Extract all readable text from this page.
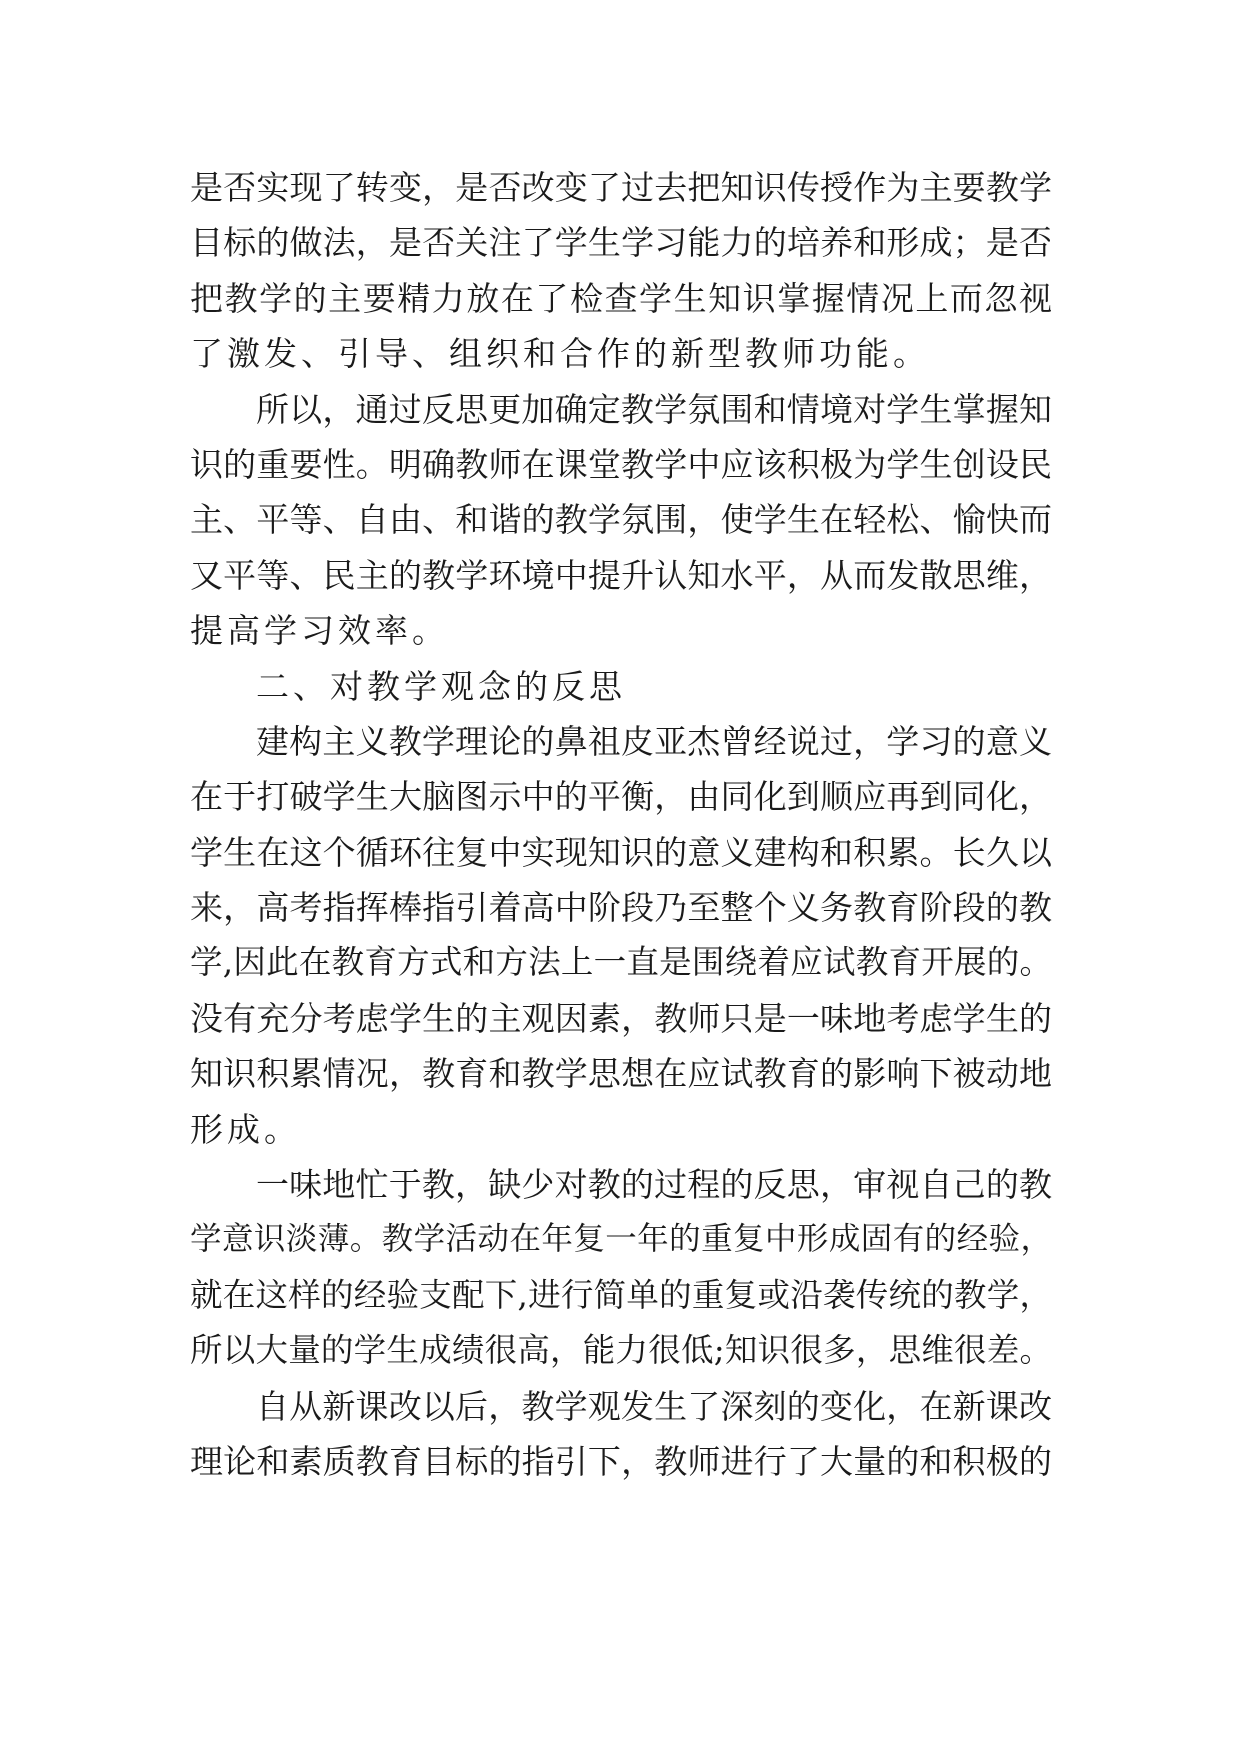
是否实现了转变，是否改变了过去把知识传授作为主要教学
目标的做法，是否关注了学生学习能力的培养和形成；是否
把教学的主要精力放在了检查学生知识掌握情况上而忽视
了激发、引导、组织和合作的新型教师功能。
所以，通过反思更加确定教学氛围和情境对学生掌握知
识的重要性。明确教师在课堂教学中应该积极为学生创设民
主、平等、自由、和谐的教学氛围，使学生在轻松、愉快而
又平等、民主的教学环境中提升认知水平，从而发散思维，
提高学习效率。
二、对教学观念的反思
建构主义教学理论的鼻祖皮亚杰曾经说过，学习的意义
在于打破学生大脑图示中的平衡，由同化到顺应再到同化，
学生在这个循环往复中实现知识的意义建构和积累。长久以
来，高考指挥棒指引着高中阶段乃至整个义务教育阶段的教
学,因此在教育方式和方法上一直是围绕着应试教育开展的。
没有充分考虑学生的主观因素，教师只是一味地考虑学生的
知识积累情况，教育和教学思想在应试教育的影响下被动地
形成。
一味地忙于教，缺少对教的过程的反思，审视自己的教
学意识淡薄。教学活动在年复一年的重复中形成固有的经验，
就在这样的经验支配下,进行简单的重复或沿袭传统的教学，
所以大量的学生成绩很高，能力很低;知识很多，思维很差。
自从新课改以后，教学观发生了深刻的变化，在新课改
理论和素质教育目标的指引下，教师进行了大量的和积极的
